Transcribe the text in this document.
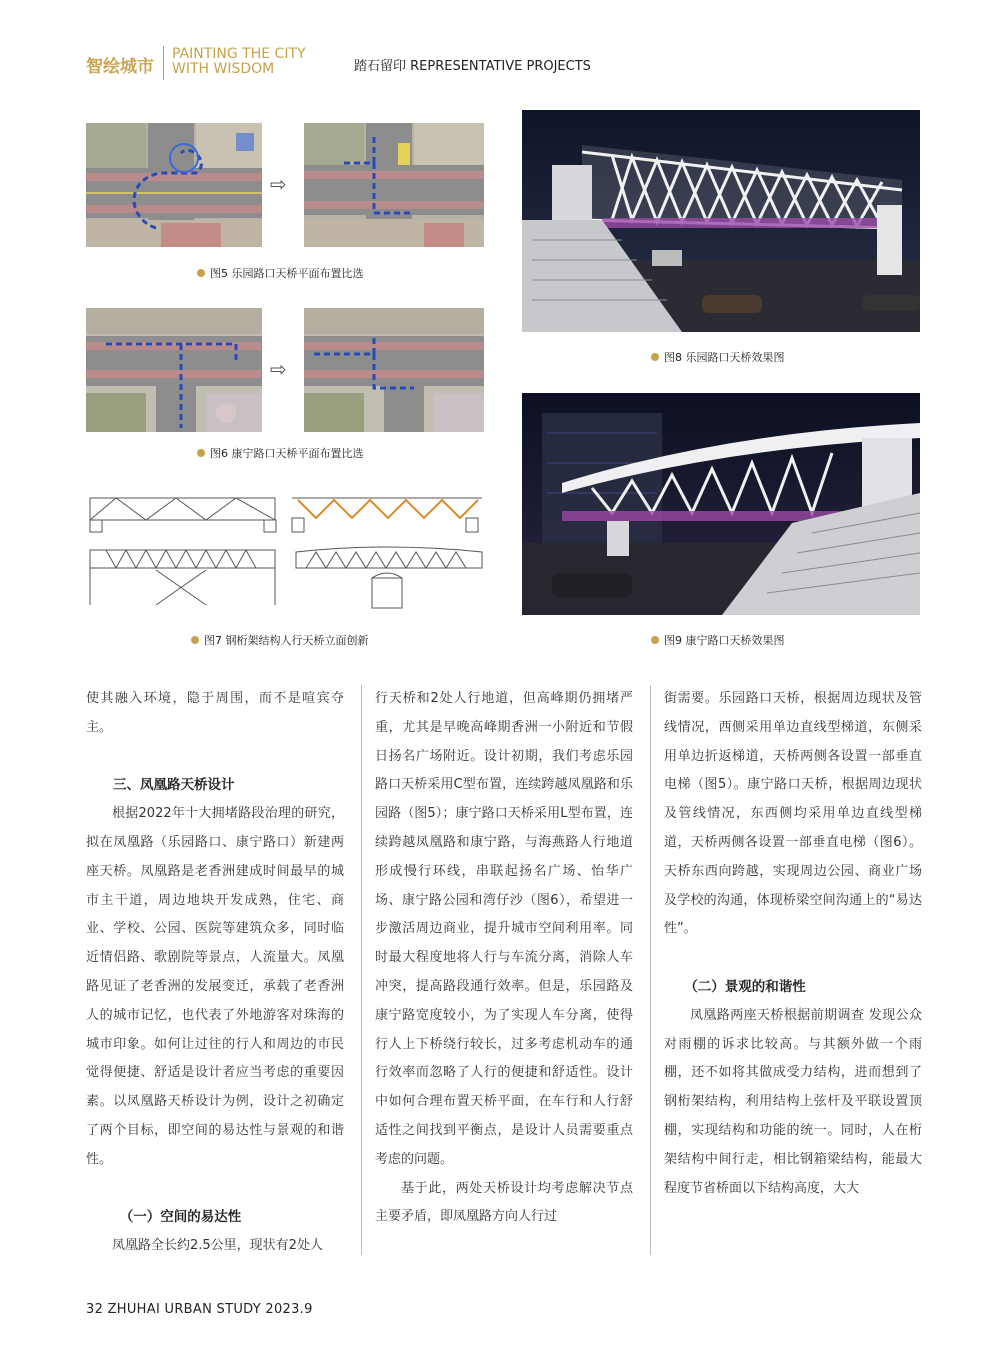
智绘城市
PAINTING THE CITY
WITH WISDOM	踏石留印 REPRESENTATIVE PROJECTS
⇨
图5 乐园路口天桥平面布置比选
⇨
图6 康宁路口天桥平面布置比选
图7 钢桁架结构人行天桥立面创新
图8 乐园路口天桥效果图
图9 康宁路口天桥效果图

使其融入环境，隐于周围，而不是喧宾夺主。

三、凤凰路天桥设计

根据2022年十大拥堵路段治理的研究，拟在凤凰路（乐园路口、康宁路口）新建两座天桥。凤凰路是老香洲建成时间最早的城市主干道，周边地块开发成熟，住宅、商业、学校、公园、医院等建筑众多，同时临近情侣路、歌剧院等景点，人流量大。凤凰路见证了老香洲的发展变迁，承载了老香洲人的城市记忆，也代表了外地游客对珠海的城市印象。如何让过往的行人和周边的市民觉得便捷、舒适是设计者应当考虑的重要因素。以凤凰路天桥设计为例，设计之初确定了两个目标，即空间的易达性与景观的和谐性。

（一）空间的易达性

凤凰路全长约2.5公里，现状有2处人

行天桥和2处人行地道，但高峰期仍拥堵严重，尤其是早晚高峰期香洲一小附近和节假日扬名广场附近。设计初期，我们考虑乐园路口天桥采用C型布置，连续跨越凤凰路和乐园路（图5）；康宁路口天桥采用L型布置，连续跨越凤凰路和康宁路，与海燕路人行地道形成慢行环线，串联起扬名广场、怡华广场、康宁路公园和湾仔沙（图6），希望进一步激活周边商业，提升城市空间利用率。同时最大程度地将人行与车流分离，消除人车冲突，提高路段通行效率。但是，乐园路及康宁路宽度较小，为了实现人车分离，使得行人上下桥绕行较长，过多考虑机动车的通行效率而忽略了人行的便捷和舒适性。设计中如何合理布置天桥平面，在车行和人行舒适性之间找到平衡点，是设计人员需要重点考虑的问题。

基于此，两处天桥设计均考虑解决节点主要矛盾，即凤凰路方向人行过

街需要。乐园路口天桥，根据周边现状及管线情况，西侧采用单边直线型梯道，东侧采用单边折返梯道，天桥两侧各设置一部垂直电梯（图5）。康宁路口天桥，根据周边现状及管线情况，东西侧均采用单边直线型梯道，天桥两侧各设置一部垂直电梯（图6）。天桥东西向跨越，实现周边公园、商业广场及学校的沟通，体现桥梁空间沟通上的“易达性”。

（二）景观的和谐性

凤凰路两座天桥根据前期调查 发现公众对雨棚的诉求比较高。与其额外做一个雨棚，还不如将其做成受力结构，进而想到了钢桁架结构，利用结构上弦杆及平联设置顶棚，实现结构和功能的统一。同时，人在桁架结构中间行走，相比钢箱梁结构，能最大程度节省桥面以下结构高度，大大

32 ZHUHAI URBAN STUDY 2023.9
